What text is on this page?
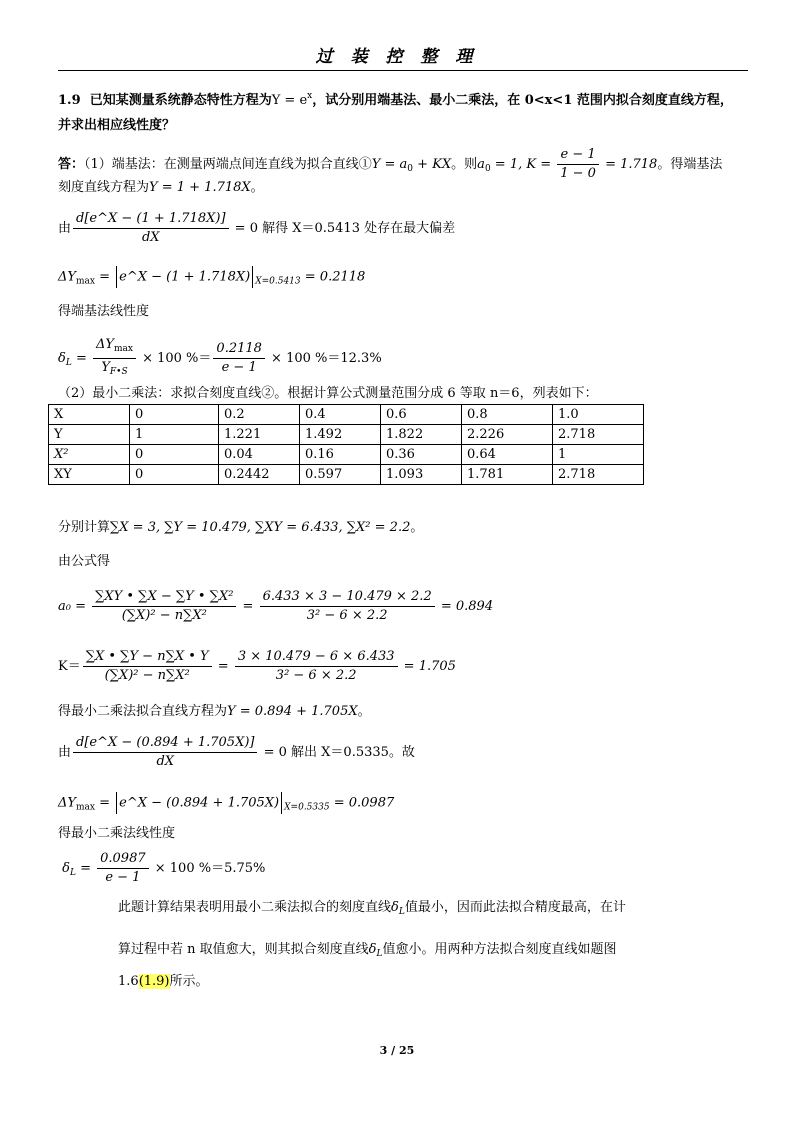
过 装 控 整 理
1.9 已知某测量系统静态特性方程为$Y = e^x$，试分别用端基法、最小二乘法，在 0<x<1 范围内拟合刻度直线方程，
并求出相应线性度？
答：（1）端基法：在测量两端点间连直线为拟合直线①Y = $a_0$ + KX。则$a_0 = 1$, $K = \frac{e - 1}{1 - 0} = 1.718$。得端基法
刻度直线方程为Y = 1 + 1.718X。
由 $\frac{d[e\^{}X - (1 + 1.718X)]}{dX} = 0$ 解得 X＝0.5413 处存在最大偏差
$\Delta Y_{max}$ = e^X − (1 + 1.718X) $_{X=0.5413}$ = 0.2118
得端基法线性度
$\delta_L = \frac{\Delta Y_{max}}{Y_{F•S}} \times 100$ %＝ $\frac{0.2118}{e - 1} \times 100$ %＝12.3%
（2）最小二乘法：求拟合刻度直线②。根据计算公式测量范围分成 6 等取 n＝6，列表如下：
X	0	0.2	0.4	0.6	0.8	1.0
Y	1	1.221	1.492	1.822	2.226	2.718
X²	0	0.04	0.16	0.36	0.64	1
XY	0	0.2442	0.597	1.093	1.781	2.718
分别计算∑X = 3, ∑Y = 10.479, ∑XY = 6.433, ∑X² = 2.2。
由公式得
$a_0 = \frac{\text{∑XY • ∑X − ∑Y • ∑X²}}{\text{(∑X)² − n∑X²}} = \frac{6.433 \times 3 - 10.479 \times 2.2}{\text{3² − 6 × 2.2}} = 0.894$
$K= \frac{\sum X • \sum Y - n\sum X • Y}{\text{(∑X)² − n∑X²}} = \frac{3 \times 10.479 - 6 \times 6.433}{\text{3² − 6 × 2.2}} = 1.705$
得最小二乘法拟合直线方程为Y = 0.894 + 1.705X。
由 $\frac{d[e\^{}X - (0.894 + 1.705X)]}{dX} = 0$ 解出 X＝0.5335。故
$\Delta Y_{max}$ = e^X − (0.894 + 1.705X) $_{X=0.5335}$ = 0.0987
得最小二乘法线性度
$\delta_L = \frac{0.0987}{e - 1} \times 100$ %＝5.75%
此题计算结果表明用最小二乘法拟合的刻度直线$\delta_L$值最小，因而此法拟合精度最高，在计
算过程中若 n 取值愈大，则其拟合刻度直线$\delta_L$值愈小。用两种方法拟合刻度直线如题图
1.6(1.9)所示。
3 / 25
